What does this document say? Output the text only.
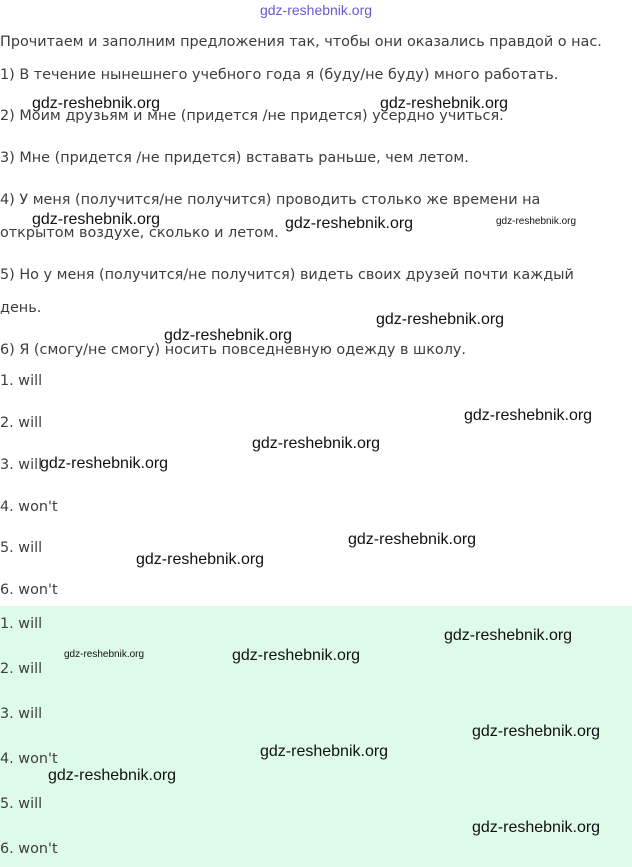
gdz-reshebnik.org
Прочитаем и заполним предложения так, чтобы они оказались правдой о нас.
1) В течение нынешнего учебного года я (буду/не буду) много работать.
2) Моим друзьям и мне (придется /не придется) усердно учиться.
3) Мне (придется /не придется) вставать раньше, чем летом.
4) У меня (получится/не получится) проводить столько же времени на
открытом воздухе, сколько и летом.
5) Но у меня (получится/не получится) видеть своих друзей почти каждый
день.
6) Я (смогу/не смогу) носить повседневную одежду в школу.
1. will
2. will
3. will
4. won't
5. will
6. won't
1. will
2. will
3. will
4. won't
5. will
6. won't
gdz-reshebnik.org	gdz-reshebnik.org
gdz-reshebnik.org	gdz-reshebnik.org	gdz-reshebnik.org
gdz-reshebnik.org
gdz-reshebnik.org
gdz-reshebnik.org
gdz-reshebnik.org
gdz-reshebnik.org
gdz-reshebnik.org
gdz-reshebnik.org
gdz-reshebnik.org
gdz-reshebnik.org	gdz-reshebnik.org
gdz-reshebnik.org
gdz-reshebnik.org
gdz-reshebnik.org
gdz-reshebnik.org
